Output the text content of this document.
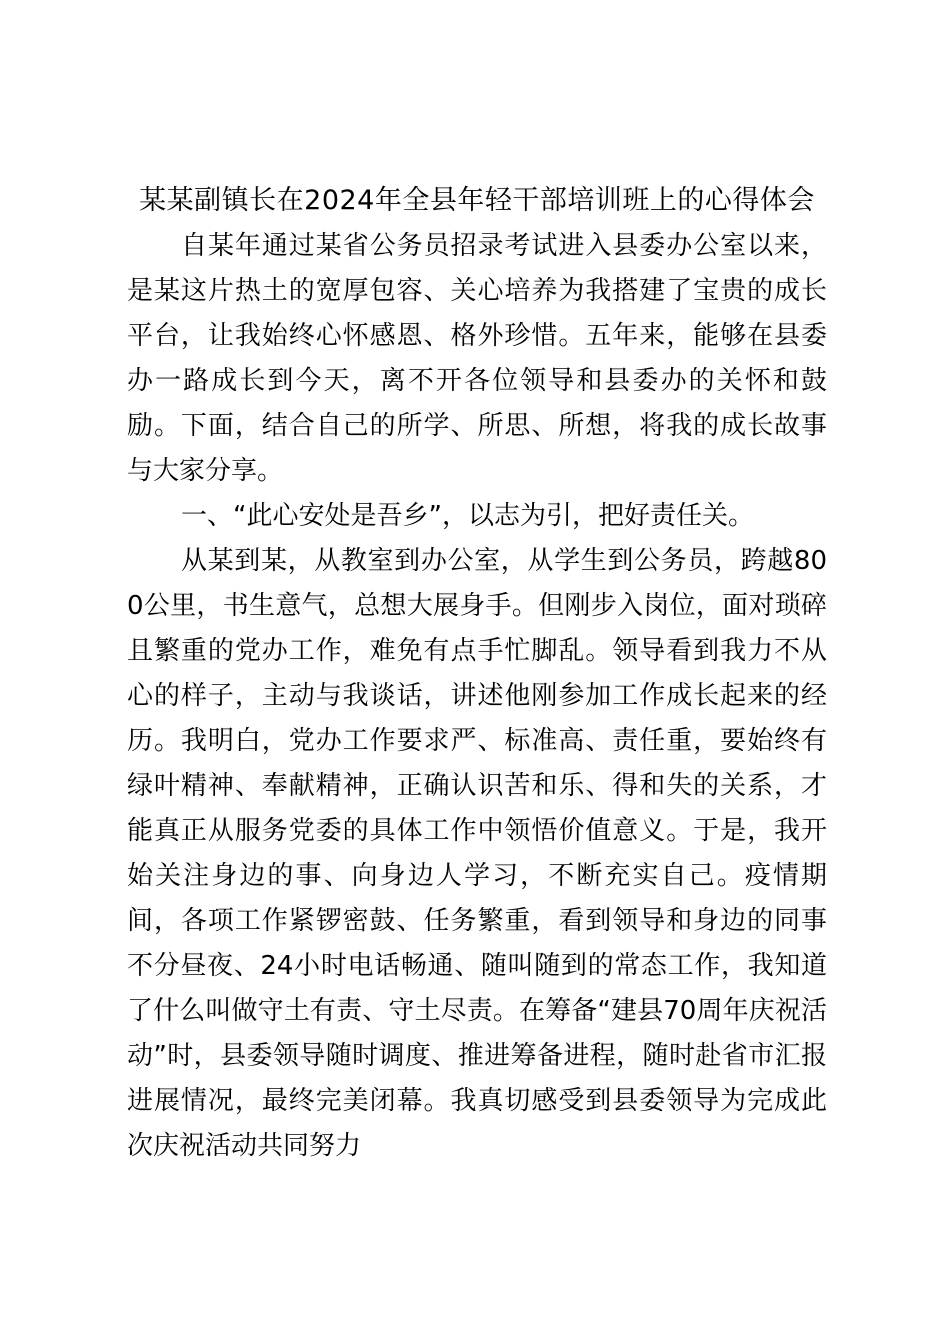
某某副镇长在2024年全县年轻干部培训班上的心得体会

自某年通过某省公务员招录考试进入县委办公室以来，是某这片热土的宽厚包容、关心培养为我搭建了宝贵的成长平台，让我始终心怀感恩、格外珍惜。五年来，能够在县委办一路成长到今天，离不开各位领导和县委办的关怀和鼓励。下面，结合自己的所学、所思、所想，将我的成长故事与大家分享。

一、“此心安处是吾乡”，以志为引，把好责任关。

从某到某，从教室到办公室，从学生到公务员，跨越800公里，书生意气，总想大展身手。但刚步入岗位，面对琐碎且繁重的党办工作，难免有点手忙脚乱。领导看到我力不从心的样子，主动与我谈话，讲述他刚参加工作成长起来的经历。我明白，党办工作要求严、标准高、责任重，要始终有绿叶精神、奉献精神，正确认识苦和乐、得和失的关系，才能真正从服务党委的具体工作中领悟价值意义。于是，我开始关注身边的事、向身边人学习，不断充实自己。疫情期间，各项工作紧锣密鼓、任务繁重，看到领导和身边的同事不分昼夜、24小时电话畅通、随叫随到的常态工作，我知道了什么叫做守土有责、守土尽责。在筹备“建县70周年庆祝活动”时，县委领导随时调度、推进筹备进程，随时赴省市汇报进展情况，最终完美闭幕。我真切感受到县委领导为完成此次庆祝活动共同努力
